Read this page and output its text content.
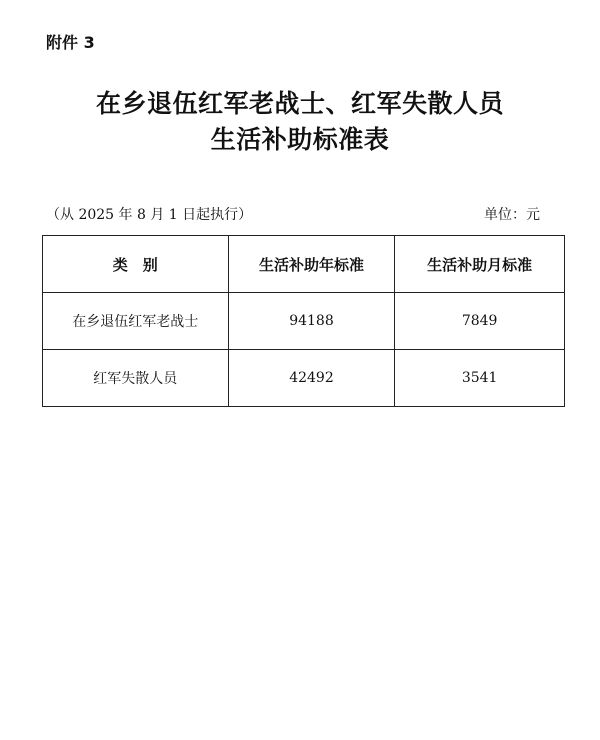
附件 3
在乡退伍红军老战士、红军失散人员
生活补助标准表
（从 2025 年 8 月 1 日起执行）	单位：元
类　别	生活补助年标准	生活补助月标准
在乡退伍红军老战士	94188	7849
红军失散人员	42492	3541
